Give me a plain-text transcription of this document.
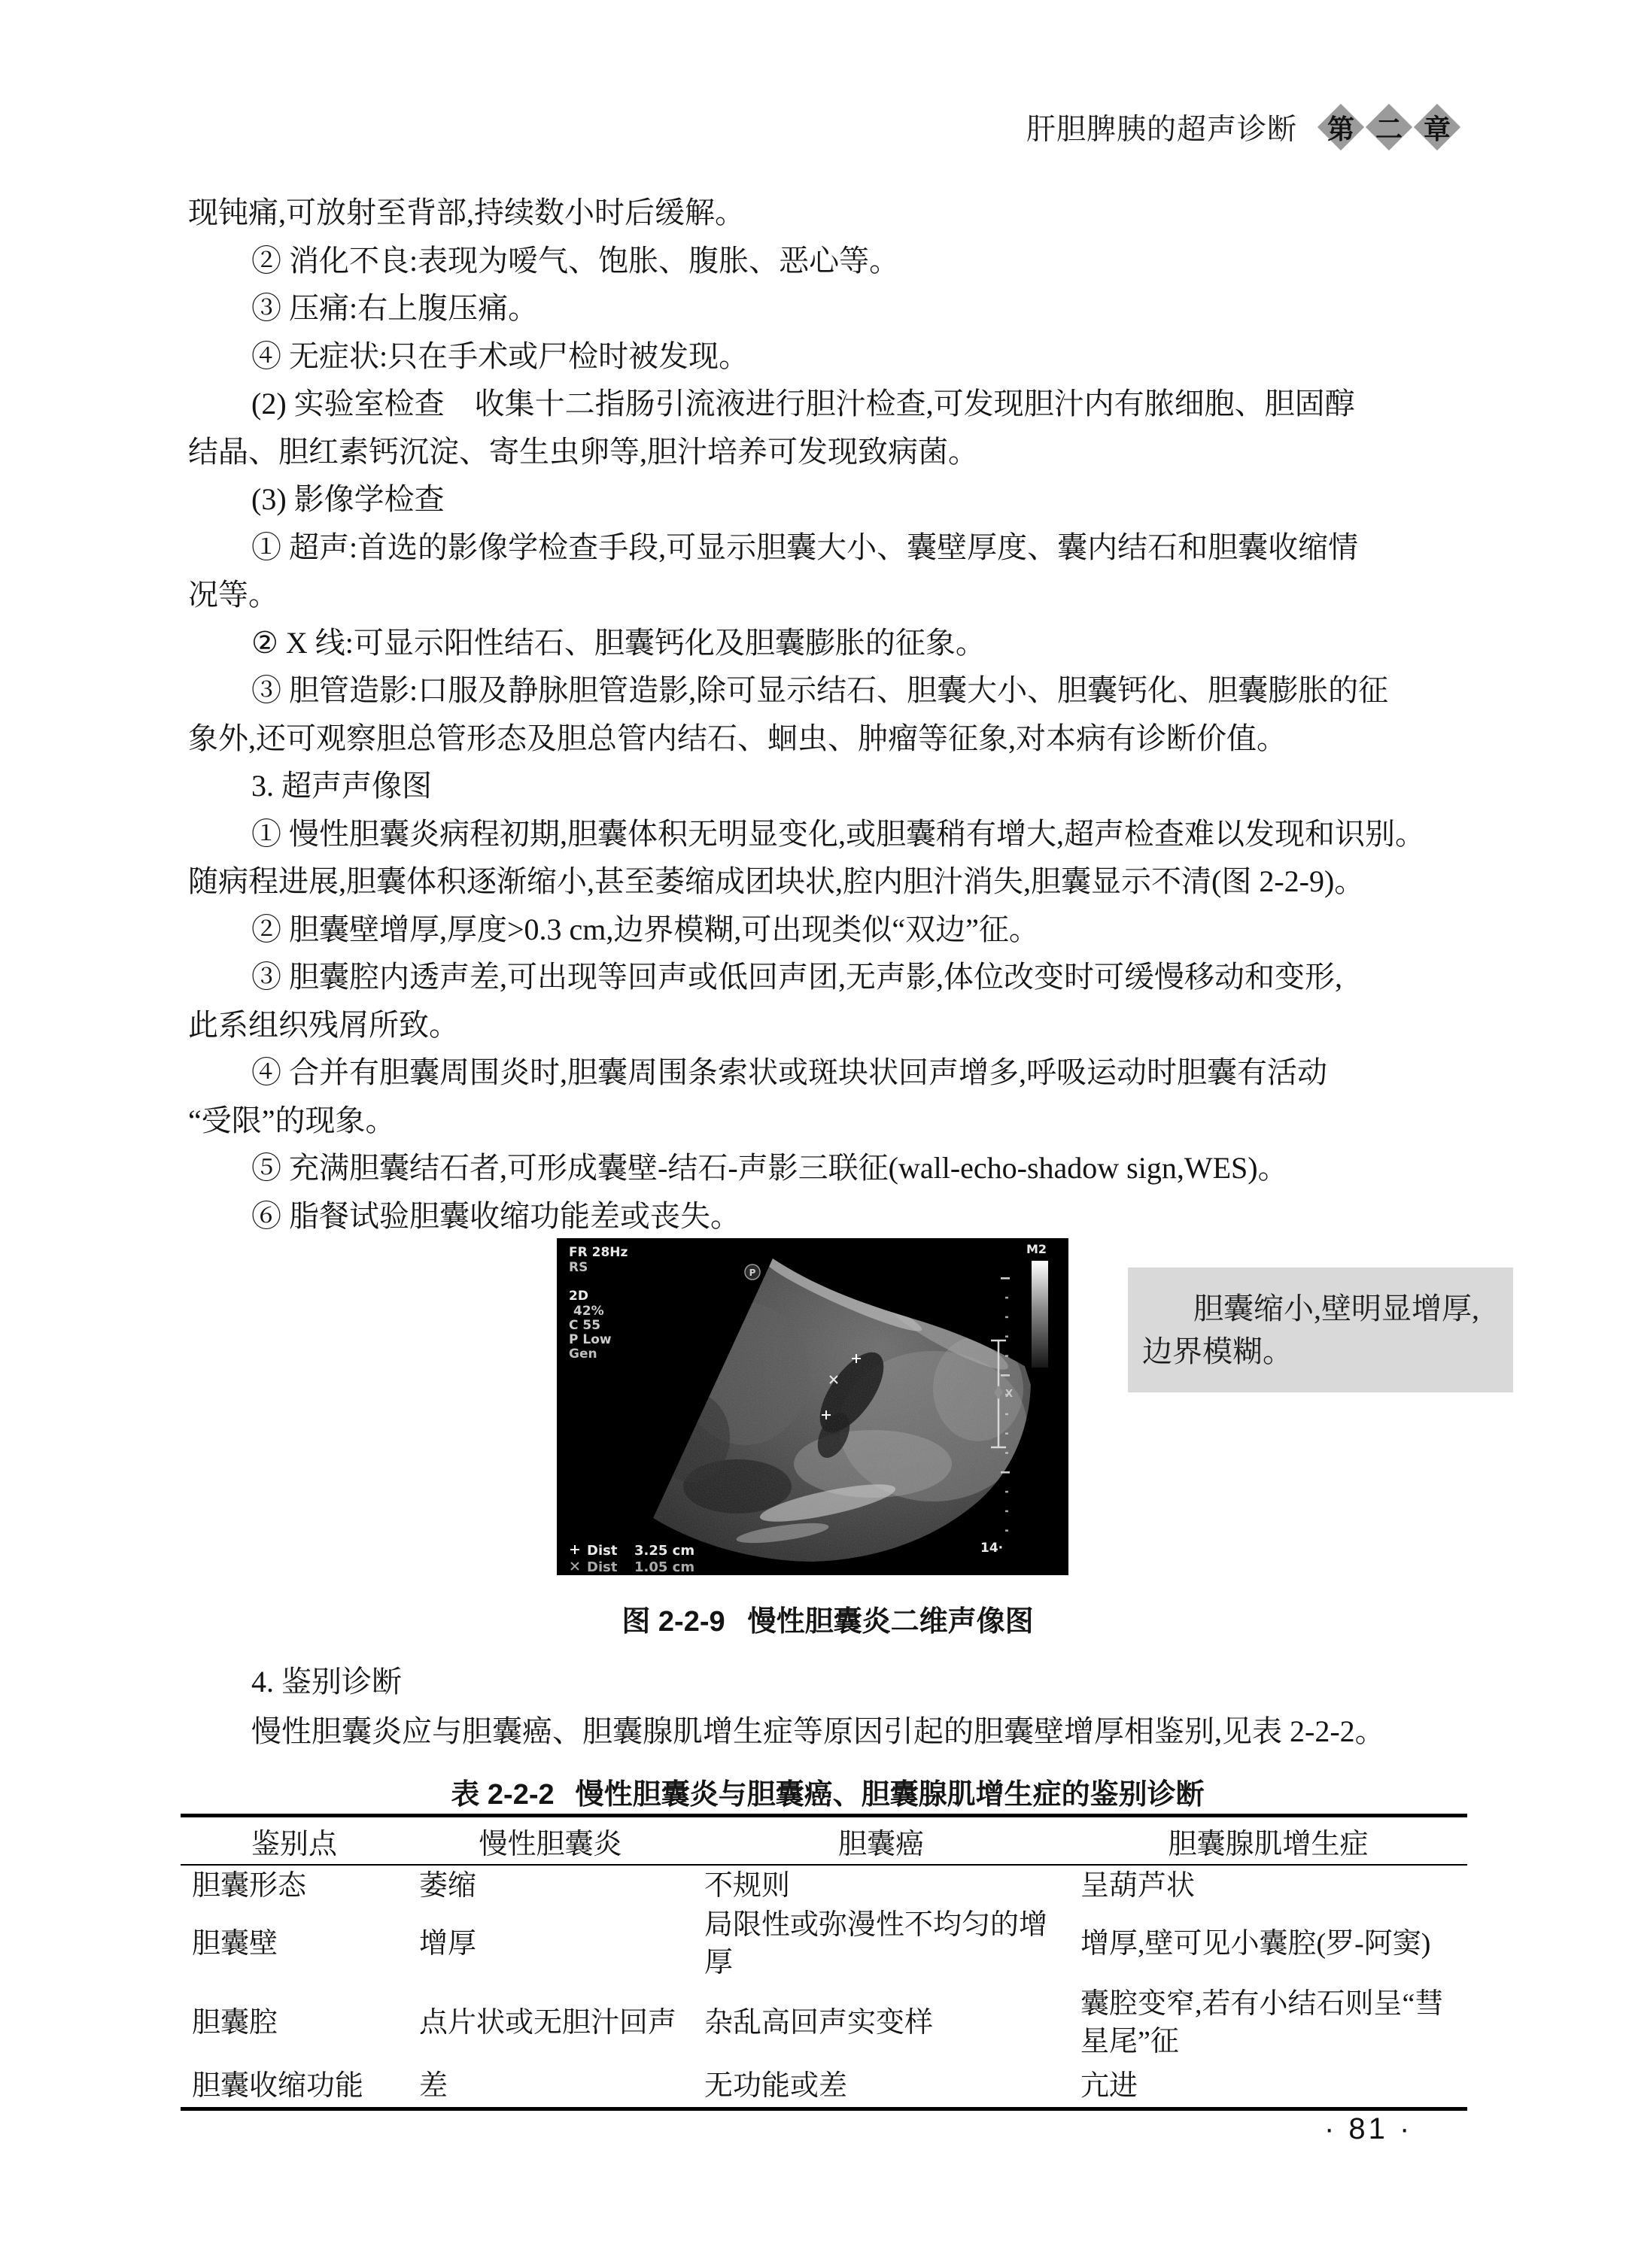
肝胆脾胰的超声诊断	第 二 章
现钝痛,可放射至背部,持续数小时后缓解。
② 消化不良:表现为嗳气、饱胀、腹胀、恶心等。
③ 压痛:右上腹压痛。
④ 无症状:只在手术或尸检时被发现。
(2) 实验室检查　收集十二指肠引流液进行胆汁检查,可发现胆汁内有脓细胞、胆固醇
结晶、胆红素钙沉淀、寄生虫卵等,胆汁培养可发现致病菌。
(3) 影像学检查
① 超声:首选的影像学检查手段,可显示胆囊大小、囊壁厚度、囊内结石和胆囊收缩情
况等。
② X 线:可显示阳性结石、胆囊钙化及胆囊膨胀的征象。
③ 胆管造影:口服及静脉胆管造影,除可显示结石、胆囊大小、胆囊钙化、胆囊膨胀的征
象外,还可观察胆总管形态及胆总管内结石、蛔虫、肿瘤等征象,对本病有诊断价值。
3. 超声声像图
① 慢性胆囊炎病程初期,胆囊体积无明显变化,或胆囊稍有增大,超声检查难以发现和识别。
随病程进展,胆囊体积逐渐缩小,甚至萎缩成团块状,腔内胆汁消失,胆囊显示不清(图 2-2-9)。
② 胆囊壁增厚,厚度>0.3 cm,边界模糊,可出现类似“双边”征。
③ 胆囊腔内透声差,可出现等回声或低回声团,无声影,体位改变时可缓慢移动和变形,
此系组织残屑所致。
④ 合并有胆囊周围炎时,胆囊周围条索状或斑块状回声增多,呼吸运动时胆囊有活动
“受限”的现象。
⑤ 充满胆囊结石者,可形成囊壁-结石-声影三联征(wall-echo-shadow sign,WES)。
⑥ 脂餐试验胆囊收缩功能差或丧失。
FR 28Hz
RS
2D
42%
C 55
P Low
Gen
P
M2
X
14·
Dist 3.25 cm
Dist 1.05 cm
胆囊缩小,壁明显增厚,
边界模糊。
图 2-2-9 慢性胆囊炎二维声像图
4. 鉴别诊断
慢性胆囊炎应与胆囊癌、胆囊腺肌增生症等原因引起的胆囊壁增厚相鉴别,见表 2-2-2。
表 2-2-2 慢性胆囊炎与胆囊癌、胆囊腺肌增生症的鉴别诊断
鉴别点	慢性胆囊炎	胆囊癌	胆囊腺肌增生症
胆囊形态	萎缩	不规则	呈葫芦状
胆囊壁	增厚	局限性或弥漫性不均匀的增厚	增厚,壁可见小囊腔(罗-阿窦)
胆囊腔	点片状或无胆汁回声	杂乱高回声实变样	囊腔变窄,若有小结石则呈“彗星尾”征
胆囊收缩功能	差	无功能或差	亢进
· 81 ·
